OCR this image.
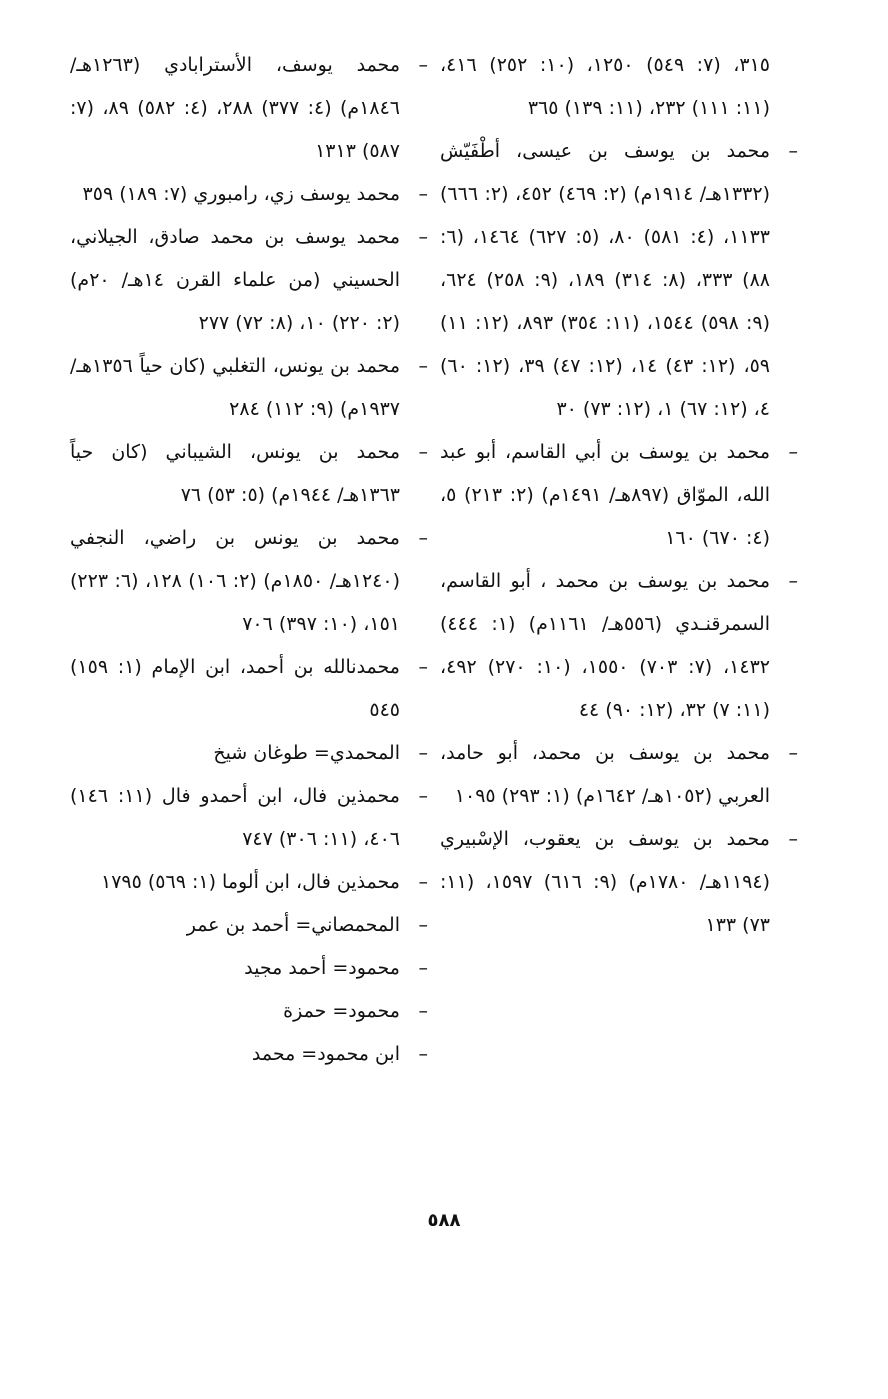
٣١٥، (٧: ٥٤٩) ١٢٥٠، (١٠: ٢٥٢) ٤١٦، (١١: ١١١) ٢٣٢، (١١: ١٣٩) ٣٦٥

–
محمد بن يوسف بن عيسى، أطْفَيّش (١٣٣٢هـ/ ١٩١٤م) (٢: ٤٦٩) ٤٥٢، (٢: ٦٦٦) ١١٣٣، (٤: ٥٨١) ٨٠، (٥: ٦٢٧) ١٤٦٤، (٦: ٨٨) ٣٣٣، (٨: ٣١٤) ١٨٩، (٩: ٢٥٨) ٦٢٤، (٩: ٥٩٨) ١٥٤٤، (١١: ٣٥٤) ٨٩٣، (١٢: ١١) ٥٩، (١٢: ٤٣) ١٤، (١٢: ٤٧) ٣٩، (١٢: ٦٠) ٤، (١٢: ٦٧) ١، (١٢: ٧٣) ٣٠

–
محمد بن يوسف بن أبي القاسم، أبو عبد الله، الموّاق (٨٩٧هـ/ ١٤٩١م) (٢: ٢١٣) ٥،(٤: ٦٧٠) ١٦٠

–
محمد بن يوسف بن محمد ، أبو القاسم، السمرقنـدي (٥٥٦هـ/ ١١٦١م) (١: ٤٤٤) ١٤٣٢، (٧: ٧٠٣) ١٥٥٠، (١٠: ٢٧٠) ٤٩٢، (١١: ٧) ٣٢، (١٢: ٩٠) ٤٤

–
محمد بن يوسف بن محمد، أبو حامد، العربي (١٠٥٢هـ/ ١٦٤٢م) (١: ٢٩٣) ١٠٩٥

–
محمد بن يوسف بن يعقوب، الإسْبيري (١١٩٤هـ/ ١٧٨٠م) (٩: ٦١٦) ١٥٩٧، (١١: ٧٣) ١٣٣

–
محمد يوسف، الأسترابادي (١٢٦٣هـ/ ١٨٤٦م) (٤: ٣٧٧) ٢٨٨، (٤: ٥٨٢) ٨٩، (٧: ٥٨٧) ١٣١٣

–
محمد يوسف زي، رامبوري (٧: ١٨٩) ٣٥٩

–
محمد يوسف بن محمد صادق، الجيلاني، الحسيني (من علماء القرن ١٤هـ/ ٢٠م) (٢: ٢٢٠) ١٠، (٨: ٧٢) ٢٧٧

–
محمد بن يونس، التغلبي (كان حياً ١٣٥٦هـ/ ١٩٣٧م) (٩: ١١٢) ٢٨٤

–
محمد بن يونس، الشيباني (كان حياً ١٣٦٣هـ/ ١٩٤٤م) (٥: ٥٣) ٧٦

–
محمد بن يونس بن راضي، النجفي (١٢٤٠هـ/ ١٨٥٠م) (٢: ١٠٦) ١٢٨، (٦: ٢٢٣) ١٥١، (١٠: ٣٩٧) ٧٠٦

–
محمدنالله بن أحمد، ابن الإمام (١: ١٥٩) ٥٤٥

–
المحمدي= طوغان شيخ

–
محمذين فال، ابن أحمدو فال (١١: ١٤٦) ٤٠٦، (١١: ٣٠٦) ٧٤٧

–
محمذين فال، ابن ألوما (١: ٥٦٩) ١٧٩٥

–
المحمصاني= أحمد بن عمر

–
محمود= أحمد مجيد

–
محمود= حمزة

–
ابن محمود= محمد

٥٨٨
